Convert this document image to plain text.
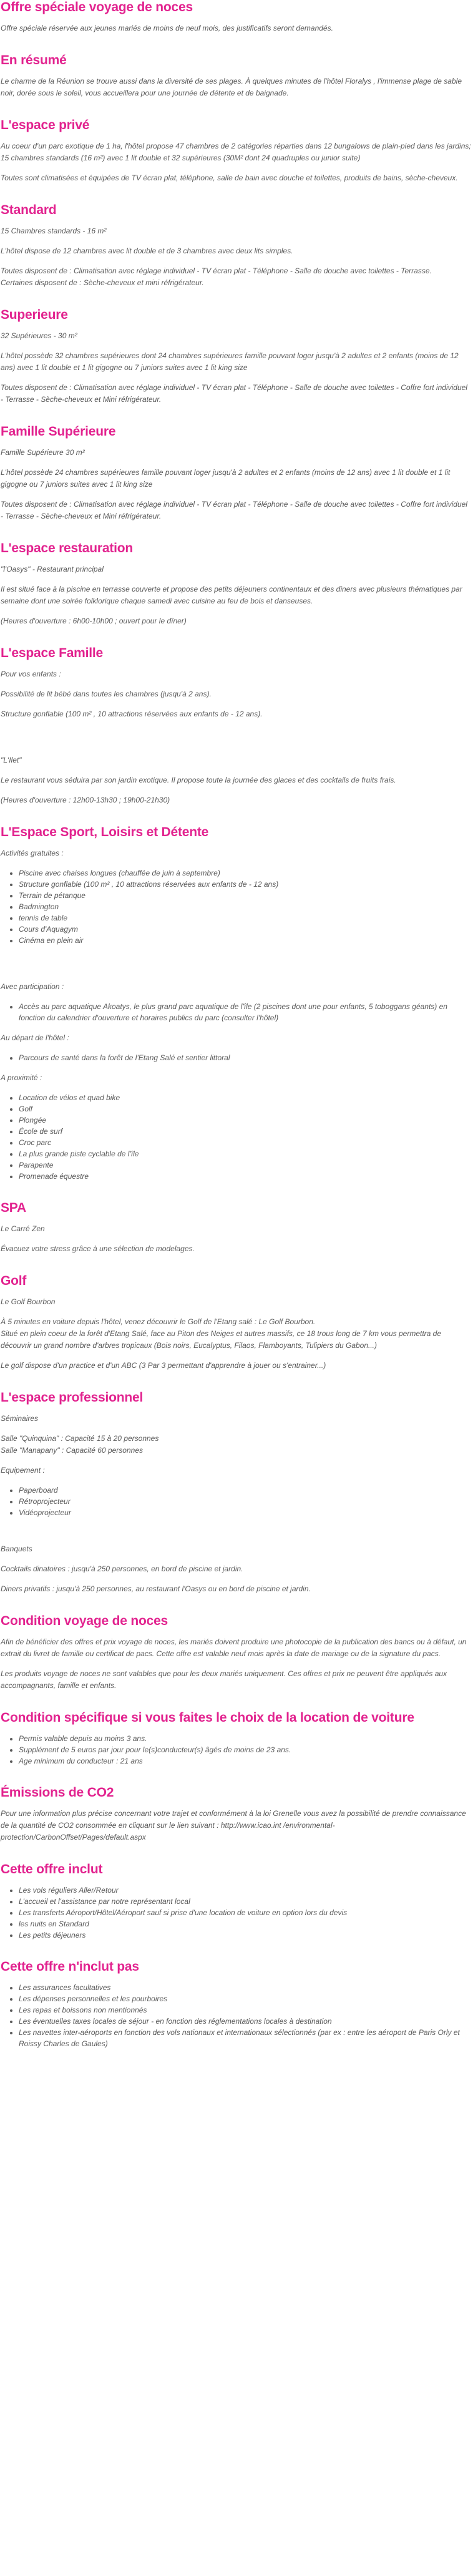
Offre spéciale voyage de noces

Offre spéciale réservée aux jeunes mariés de moins de neuf mois, des justificatifs seront demandés.

En résumé

Le charme de la Réunion se trouve aussi dans la diversité de ses plages. À quelques minutes de l'hôtel Floralys , l'immense plage de sable noir, dorée sous le soleil, vous accueillera pour une journée de détente et de baignade.

L'espace privé

Au coeur d'un parc exotique de 1 ha, l'hôtel propose 47 chambres de 2 catégories réparties dans 12 bungalows de plain-pied dans les jardins; 15 chambres standards (16 m²) avec 1 lit double et 32 supérieures (30M² dont 24 quadruples ou junior suite)

Toutes sont climatisées et équipées de TV écran plat, téléphone, salle de bain avec douche et toilettes, produits de bains, sèche-cheveux.

Standard

15 Chambres standards - 16 m²

L'hôtel dispose de 12 chambres avec lit double et de 3 chambres avec deux lits simples.

Toutes disposent de : Climatisation avec réglage individuel - TV écran plat - Téléphone - Salle de douche avec toilettes - Terrasse.

Certaines disposent de : Sèche-cheveux et mini réfrigérateur.

Superieure

32 Supérieures - 30 m²

L'hôtel possède 32 chambres supérieures dont 24 chambres supérieures famille pouvant loger jusqu'à 2 adultes et 2 enfants (moins de 12 ans) avec 1 lit double et 1 lit gigogne ou 7 juniors suites avec 1 lit king size

Toutes disposent de : Climatisation avec réglage individuel - TV écran plat - Téléphone - Salle de douche avec toilettes - Coffre fort individuel - Terrasse - Sèche-cheveux et Mini réfrigérateur.

Famille Supérieure

Famille Supérieure 30 m²

L'hôtel possède 24 chambres supérieures famille pouvant loger jusqu'à 2 adultes et 2 enfants (moins de 12 ans) avec 1 lit double et 1 lit gigogne ou 7 juniors suites avec 1 lit king size

Toutes disposent de : Climatisation avec réglage individuel - TV écran plat - Téléphone - Salle de douche avec toilettes - Coffre fort individuel - Terrasse - Sèche-cheveux et Mini réfrigérateur.

L'espace restauration

"l'Oasys" - Restaurant principal

Il est situé face à la piscine en terrasse couverte et propose des petits déjeuners continentaux et des diners avec plusieurs thématiques par semaine dont une soirée folklorique chaque samedi avec cuisine au feu de bois et danseuses.

(Heures d'ouverture : 6h00-10h00 ; ouvert pour le dîner)

L'espace Famille

Pour vos enfants :

Possibilité de lit bébé dans toutes les chambres (jusqu'à 2 ans).

Structure gonflable (100 m² , 10 attractions réservées aux enfants de - 12 ans).

"L'Ilet"

Le restaurant vous séduira par son jardin exotique. Il propose toute la journée des glaces et des cocktails de fruits frais.

(Heures d'ouverture : 12h00-13h30 ; 19h00-21h30)

L'Espace Sport, Loisirs et Détente

Activités gratuites :

• Piscine avec chaises longues (chauffée de juin à septembre)
• Structure gonflable (100 m² , 10 attractions réservées aux enfants de - 12 ans)
• Terrain de pétanque
• Badmington
• tennis de table
• Cours d'Aquagym
• Cinéma en plein air

Avec participation :

• Accès au parc aquatique Akoatys, le plus grand parc aquatique de l'île (2 piscines dont une pour enfants, 5 toboggans géants) en fonction du calendrier d'ouverture et horaires publics du parc (consulter l'hôtel)

Au départ de l'hôtel :

• Parcours de santé dans la forêt de l'Etang Salé et sentier littoral

A proximité :

• Location de vélos et quad bike
• Golf
• Plongée
• École de surf
• Croc parc
• La plus grande piste cyclable de l'île
• Parapente
• Promenade équestre
SPA

Le Carré Zen

Évacuez votre stress grâce à une sélection de modelages.

Golf

Le Golf Bourbon

À 5 minutes en voiture depuis l'hôtel, venez découvrir le Golf de l'Etang salé : Le Golf Bourbon.

Situé en plein coeur de la forêt d'Etang Salé, face au Piton des Neiges et autres massifs, ce 18 trous long de 7 km vous permettra de découvrir un grand nombre d'arbres tropicaux (Bois noirs, Eucalyptus, Filaos, Flamboyants, Tulipiers du Gabon...)

Le golf dispose d'un practice et d'un ABC (3 Par 3 permettant d'apprendre à jouer ou s'entrainer...)

L'espace professionnel

Séminaires

Salle "Quinquina" : Capacité 15 à 20 personnes

Salle "Manapany" : Capacité 60 personnes

Equipement :

• Paperboard
• Rétroprojecteur
• Vidéoprojecteur

Banquets

Cocktails dinatoires : jusqu'à 250 personnes, en bord de piscine et jardin.

Diners privatifs : jusqu'à 250 personnes, au restaurant l'Oasys ou en bord de piscine et jardin.

Condition voyage de noces

Afin de bénéficier des offres et prix voyage de noces, les mariés doivent produire une photocopie de la publication des bancs ou à défaut, un extrait du livret de famille ou certificat de pacs. Cette offre est valable neuf mois après la date de mariage ou de la signature du pacs.

Les produits voyage de noces ne sont valables que pour les deux mariés uniquement. Ces offres et prix ne peuvent être appliqués aux accompagnants, famille et enfants.

Condition spécifique si vous faites le choix de la location de voiture
• Permis valable depuis au moins 3 ans.
• Supplément de 5 euros par jour pour le(s)conducteur(s) âgés de moins de 23 ans.
• Age minimum du conducteur : 21 ans
Émissions de CO2

Pour une information plus précise concernant votre trajet et conformément à la loi Grenelle vous avez la possibilité de prendre connaissance de la quantité de CO2 consommée en cliquant sur le lien suivant : http://www.icao.int /environmental-protection/CarbonOffset/Pages/default.aspx

Cette offre inclut
• Les vols réguliers Aller/Retour
• L'accueil et l'assistance par notre représentant local
• Les transferts Aéroport/Hôtel/Aéroport sauf si prise d'une location de voiture en option lors du devis
• les nuits en Standard
• Les petits déjeuners
Cette offre n'inclut pas
• Les assurances facultatives
• Les dépenses personnelles et les pourboires
• Les repas et boissons non mentionnés
• Les éventuelles taxes locales de séjour - en fonction des réglementations locales à destination
• Les navettes inter-aéroports en fonction des vols nationaux et internationaux sélectionnés (par ex : entre les aéroport de Paris Orly et Roissy Charles de Gaules)
